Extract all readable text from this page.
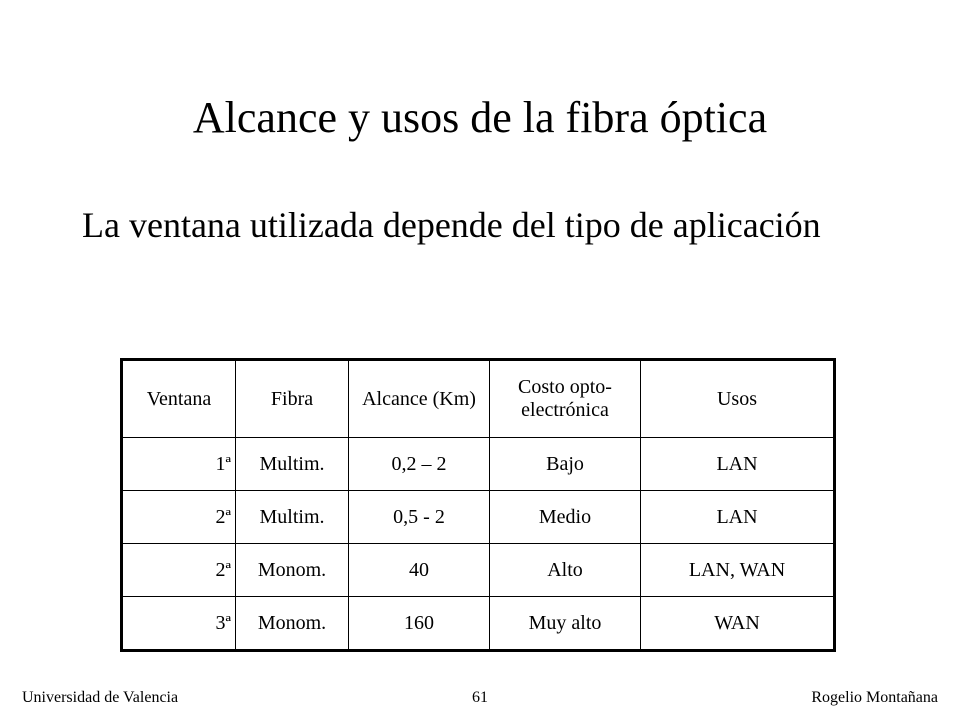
Alcance y usos de la fibra óptica
La ventana utilizada depende del tipo de aplicación
Ventana	Fibra	Alcance (Km)	Costo opto-electrónica	Usos
1ª	Multim.	0,2 – 2	Bajo	LAN
2ª	Multim.	0,5 - 2	Medio	LAN
2ª	Monom.	40	Alto	LAN, WAN
3ª	Monom.	160	Muy alto	WAN
Universidad de Valencia	61	Rogelio Montañana
